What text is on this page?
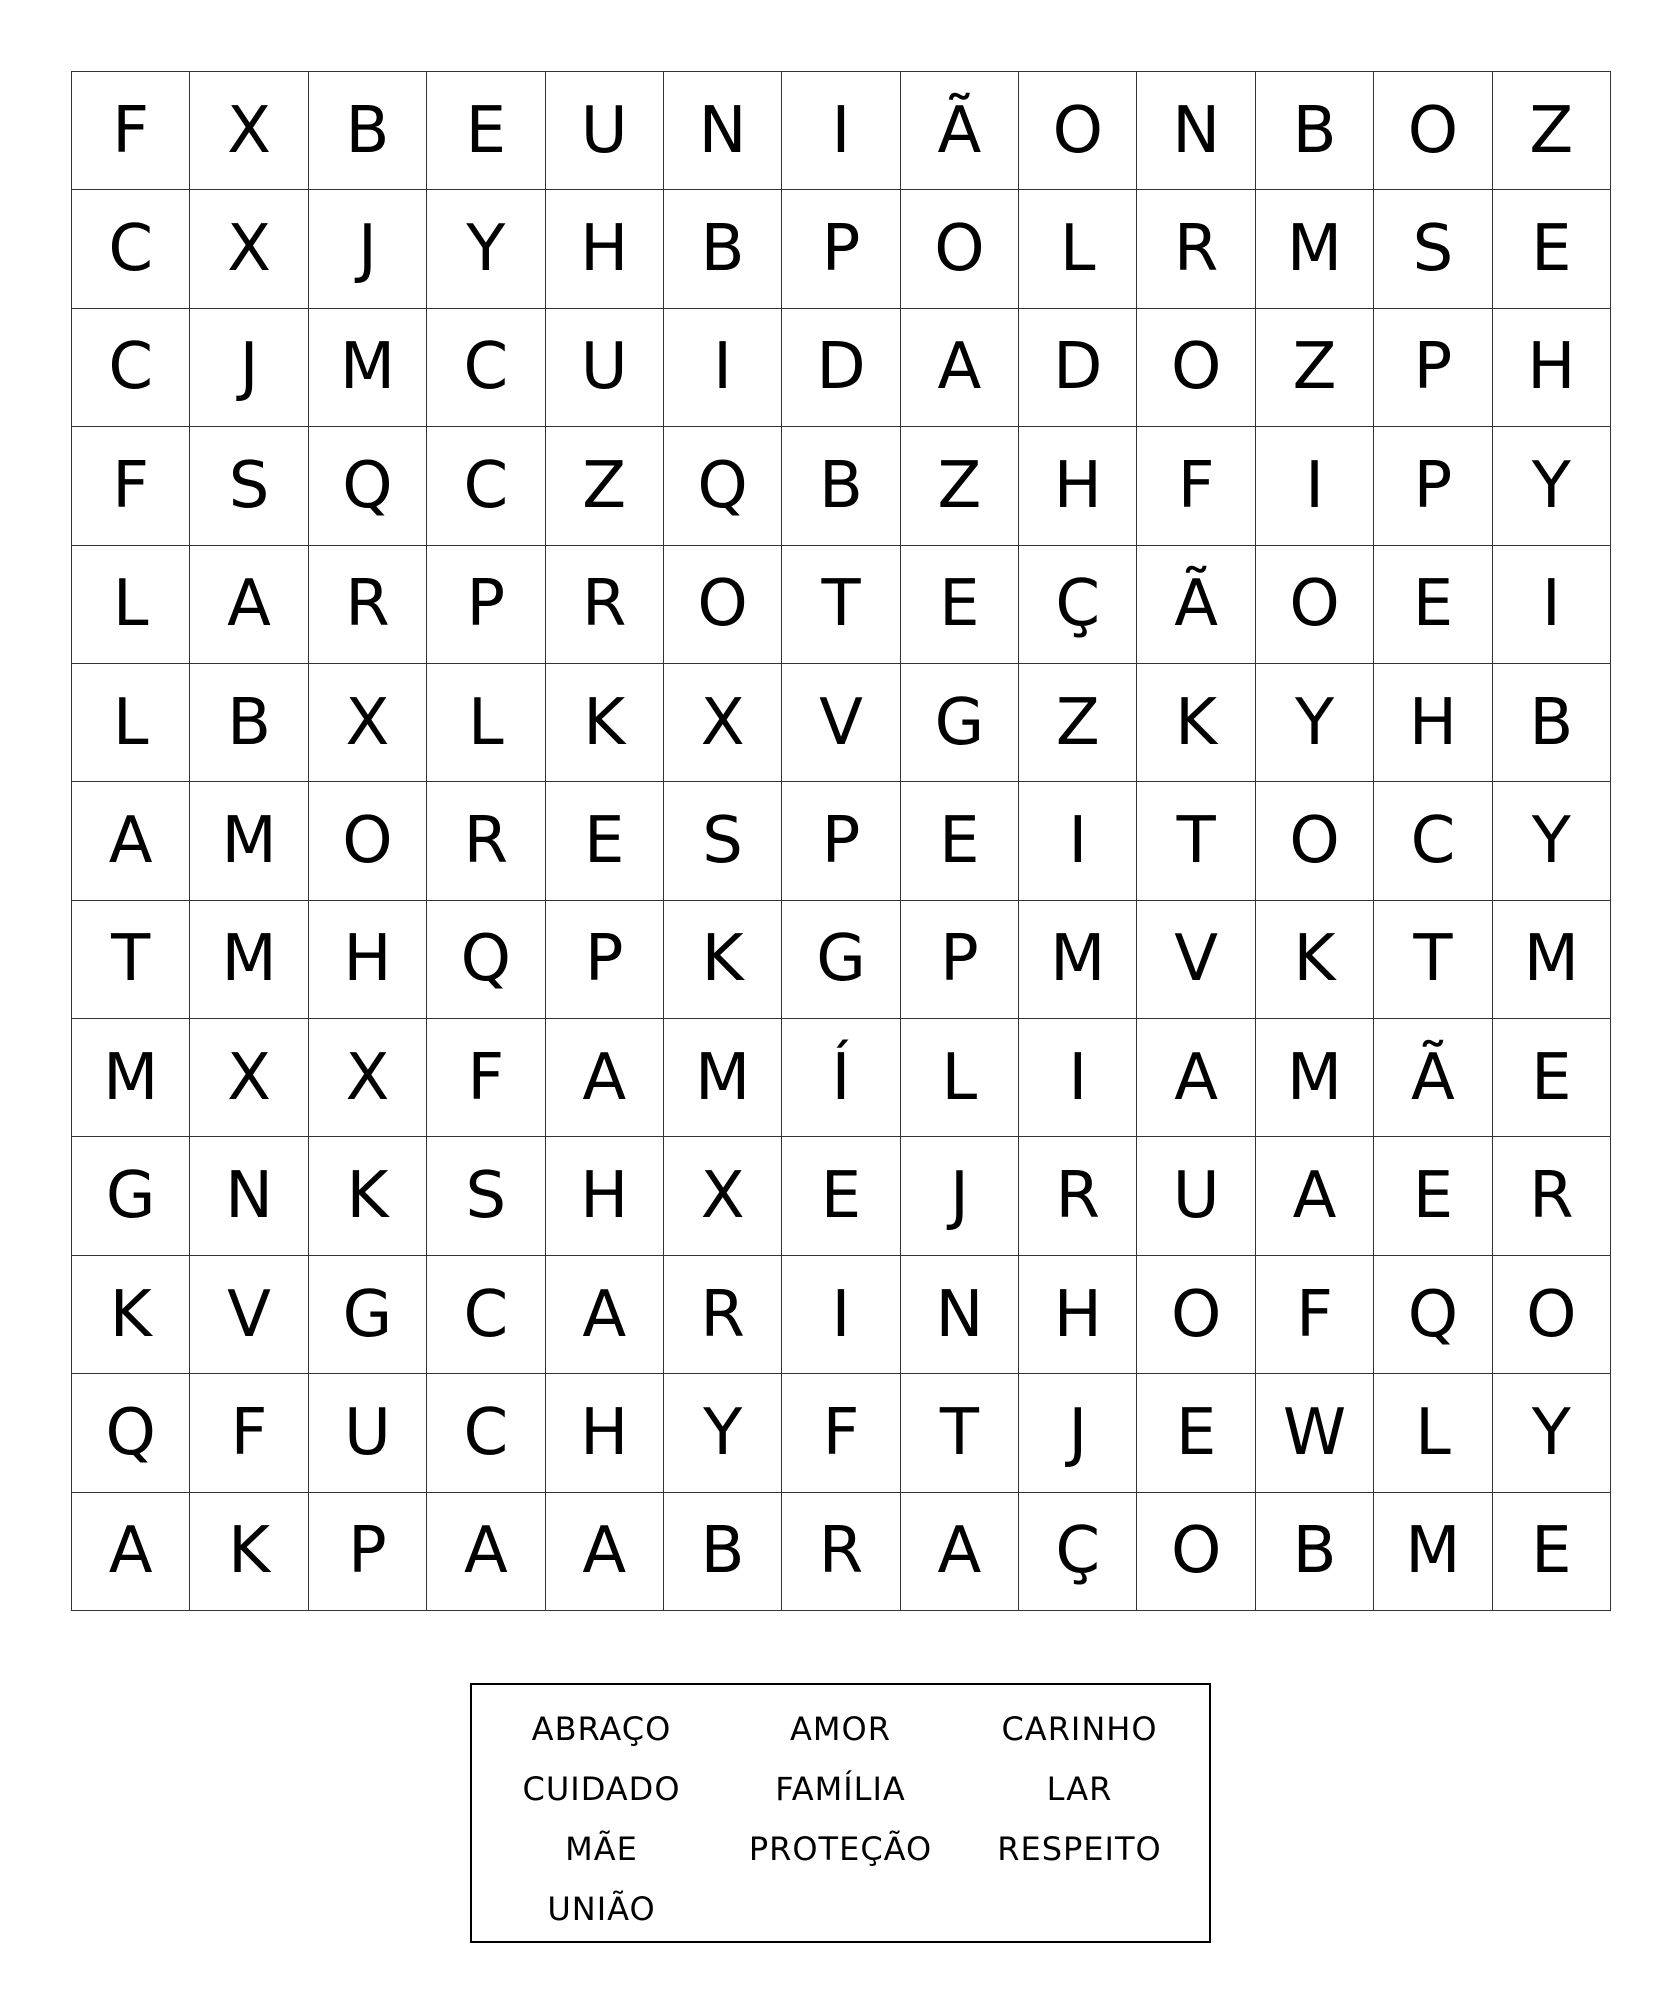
F	X	B	E	U	N	I	Ã	O	N	B	O	Z
C	X	J	Y	H	B	P	O	L	R	M	S	E
C	J	M	C	U	I	D	A	D	O	Z	P	H
F	S	Q	C	Z	Q	B	Z	H	F	I	P	Y
L	A	R	P	R	O	T	E	Ç	Ã	O	E	I
L	B	X	L	K	X	V	G	Z	K	Y	H	B
A	M	O	R	E	S	P	E	I	T	O	C	Y
T	M	H	Q	P	K	G	P	M	V	K	T	M
M	X	X	F	A	M	Í	L	I	A	M	Ã	E
G	N	K	S	H	X	E	J	R	U	A	E	R
K	V	G	C	A	R	I	N	H	O	F	Q	O
Q	F	U	C	H	Y	F	T	J	E	W	L	Y
A	K	P	A	A	B	R	A	Ç	O	B	M	E
ABRAÇO
CUIDADO
MÃE
UNIÃO
AMOR
FAMÍLIA
PROTEÇÃO
CARINHO
LAR
RESPEITO
